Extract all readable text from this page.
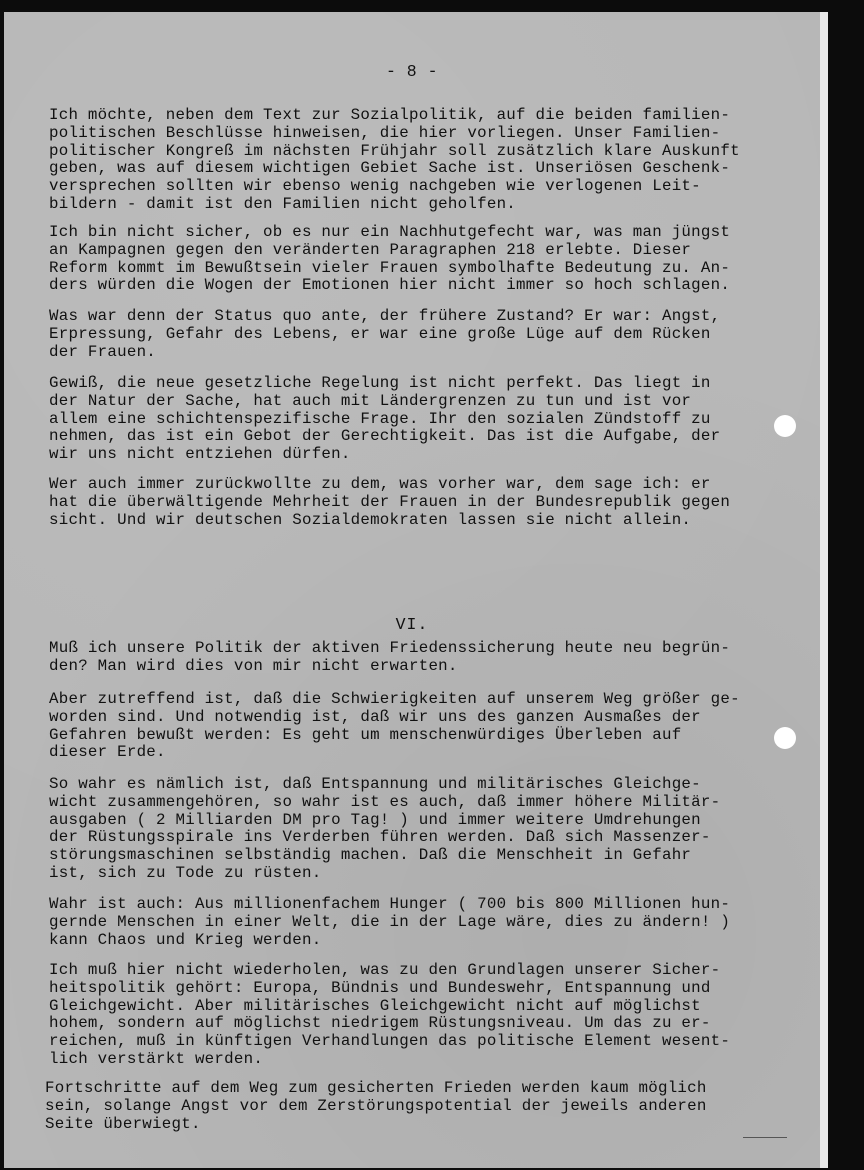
- 8 -

Ich möchte, neben dem Text zur Sozialpolitik, auf die beiden familien-
politischen Beschlüsse hinweisen, die hier vorliegen. Unser Familien-
politischer Kongreß im nächsten Frühjahr soll zusätzlich klare Auskunft
geben, was auf diesem wichtigen Gebiet Sache ist. Unseriösen Geschenk-
versprechen sollten wir ebenso wenig nachgeben wie verlogenen Leit-
bildern - damit ist den Familien nicht geholfen.

Ich bin nicht sicher, ob es nur ein Nachhutgefecht war, was man jüngst
an Kampagnen gegen den veränderten Paragraphen 218 erlebte. Dieser
Reform kommt im Bewußtsein vieler Frauen symbolhafte Bedeutung zu. An-
ders würden die Wogen der Emotionen hier nicht immer so hoch schlagen.

Was war denn der Status quo ante, der frühere Zustand? Er war: Angst,
Erpressung, Gefahr des Lebens, er war eine große Lüge auf dem Rücken
der Frauen.

Gewiß, die neue gesetzliche Regelung ist nicht perfekt. Das liegt in
der Natur der Sache, hat auch mit Ländergrenzen zu tun und ist vor
allem eine schichtenspezifische Frage. Ihr den sozialen Zündstoff zu
nehmen, das ist ein Gebot der Gerechtigkeit. Das ist die Aufgabe, der
wir uns nicht entziehen dürfen.

Wer auch immer zurückwollte zu dem, was vorher war, dem sage ich: er
hat die überwältigende Mehrheit der Frauen in der Bundesrepublik gegen
sicht. Und wir deutschen Sozialdemokraten lassen sie nicht allein.

VI.

Muß ich unsere Politik der aktiven Friedenssicherung heute neu begrün-
den? Man wird dies von mir nicht erwarten.

Aber zutreffend ist, daß die Schwierigkeiten auf unserem Weg größer ge-
worden sind. Und notwendig ist, daß wir uns des ganzen Ausmaßes der
Gefahren bewußt werden: Es geht um menschenwürdiges Überleben auf
dieser Erde.

So wahr es nämlich ist, daß Entspannung und militärisches Gleichge-
wicht zusammengehören, so wahr ist es auch, daß immer höhere Militär-
ausgaben ( 2 Milliarden DM pro Tag! ) und immer weitere Umdrehungen
der Rüstungsspirale ins Verderben führen werden. Daß sich Massenzer-
störungsmaschinen selbständig machen. Daß die Menschheit in Gefahr
ist, sich zu Tode zu rüsten.

Wahr ist auch: Aus millionenfachem Hunger ( 700 bis 800 Millionen hun-
gernde Menschen in einer Welt, die in der Lage wäre, dies zu ändern! )
kann Chaos und Krieg werden.

Ich muß hier nicht wiederholen, was zu den Grundlagen unserer Sicher-
heitspolitik gehört: Europa, Bündnis und Bundeswehr, Entspannung und
Gleichgewicht. Aber militärisches Gleichgewicht nicht auf möglichst
hohem, sondern auf möglichst niedrigem Rüstungsniveau. Um das zu er-
reichen, muß in künftigen Verhandlungen das politische Element wesent-
lich verstärkt werden.

Fortschritte auf dem Weg zum gesicherten Frieden werden kaum möglich
sein, solange Angst vor dem Zerstörungspotential der jeweils anderen
Seite überwiegt.
